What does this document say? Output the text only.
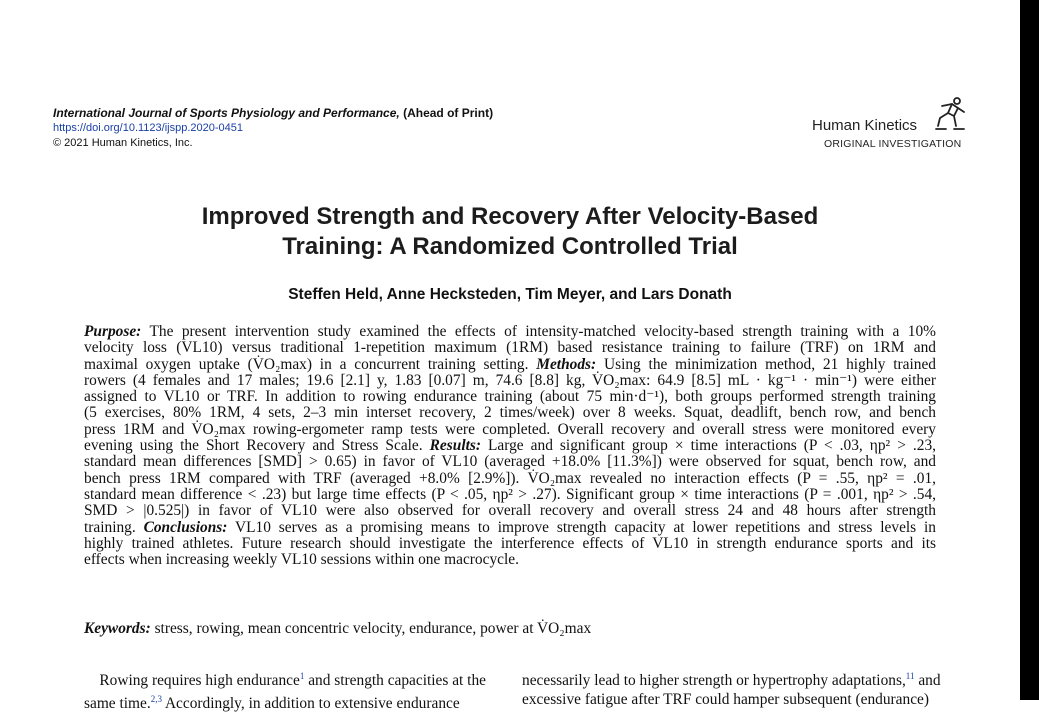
International Journal of Sports Physiology and Performance, (Ahead of Print)
https://doi.org/10.1123/ijspp.2020-0451
© 2021 Human Kinetics, Inc.
Human Kinetics
ORIGINAL INVESTIGATION
Improved Strength and Recovery After Velocity-Based
Training: A Randomized Controlled Trial
Steffen Held, Anne Hecksteden, Tim Meyer, and Lars Donath
Purpose: The present intervention study examined the effects of intensity-matched velocity-based strength training with a 10%
velocity loss (VL10) versus traditional 1-repetition maximum (1RM) based resistance training to failure (TRF) on 1RM and
maximal oxygen uptake (V̇O₂max) in a concurrent training setting. Methods: Using the minimization method, 21 highly trained
rowers (4 females and 17 males; 19.6 [2.1] y, 1.83 [0.07] m, 74.6 [8.8] kg, V̇O₂max: 64.9 [8.5] mL · kg⁻¹ · min⁻¹) were either
assigned to VL10 or TRF. In addition to rowing endurance training (about 75 min·d⁻¹), both groups performed strength training
(5 exercises, 80% 1RM, 4 sets, 2–3 min interset recovery, 2 times/week) over 8 weeks. Squat, deadlift, bench row, and bench
press 1RM and V̇O₂max rowing-ergometer ramp tests were completed. Overall recovery and overall stress were monitored every
evening using the Short Recovery and Stress Scale. Results: Large and significant group × time interactions (P < .03, ηp² > .23,
standard mean differences [SMD] > 0.65) in favor of VL10 (averaged +18.0% [11.3%]) were observed for squat, bench row, and
bench press 1RM compared with TRF (averaged +8.0% [2.9%]). V̇O₂max revealed no interaction effects (P = .55, ηp² = .01,
standard mean difference < .23) but large time effects (P < .05, ηp² > .27). Significant group × time interactions (P = .001, ηp² > .54,
SMD > |0.525|) in favor of VL10 were also observed for overall recovery and overall stress 24 and 48 hours after strength
training. Conclusions: VL10 serves as a promising means to improve strength capacity at lower repetitions and stress levels in
highly trained athletes. Future research should investigate the interference effects of VL10 in strength endurance sports and its
effects when increasing weekly VL10 sessions within one macrocycle.
Keywords: stress, rowing, mean concentric velocity, endurance, power at V̇O₂max
Rowing requires high endurance$^1$ and strength capacities at the
same time.$^{2,3}$ Accordingly, in addition to extensive endurance
necessarily lead to higher strength or hypertrophy adaptations,$^{11}$ and
excessive fatigue after TRF could hamper subsequent (endurance)
